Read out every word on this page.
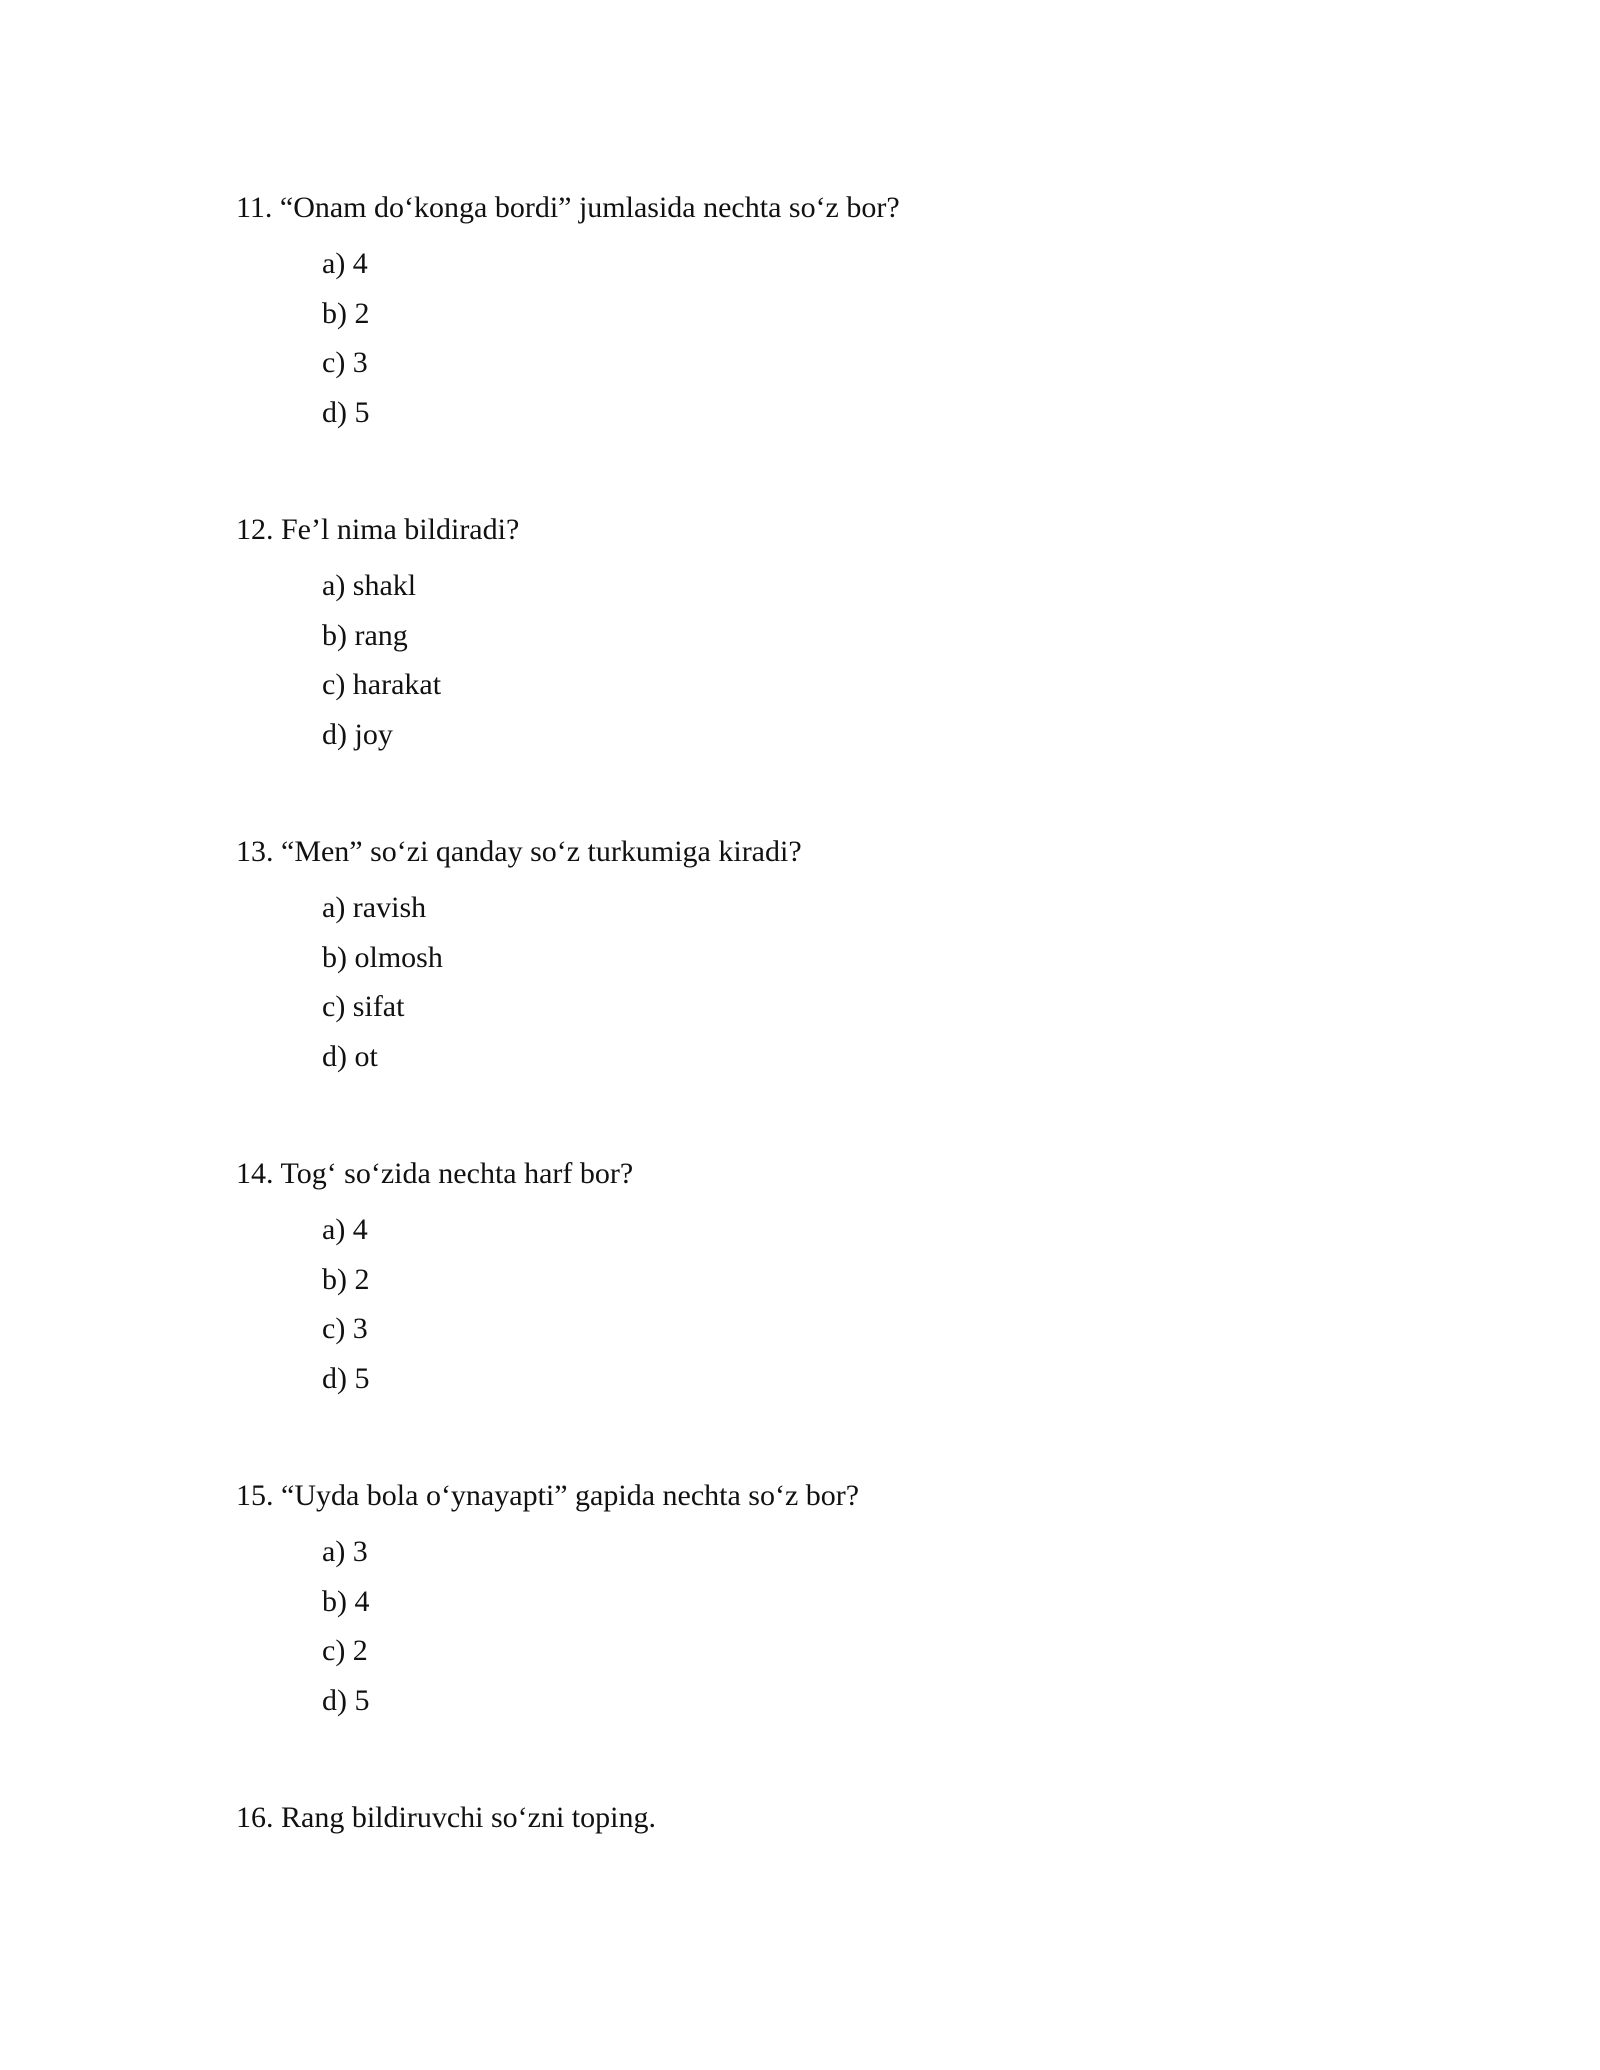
11. “Onam do‘konga bordi” jumlasida nechta so‘z bor?

a) 4
b) 2
c) 3
d) 5

12. Fe’l nima bildiradi?

a) shakl
b) rang
c) harakat
d) joy

13. “Men” so‘zi qanday so‘z turkumiga kiradi?

a) ravish
b) olmosh
c) sifat
d) ot

14. Tog‘ so‘zida nechta harf bor?

a) 4
b) 2
c) 3
d) 5

15. “Uyda bola o‘ynayapti” gapida nechta so‘z bor?

a) 3
b) 4
c) 2
d) 5

16. Rang bildiruvchi so‘zni toping.
